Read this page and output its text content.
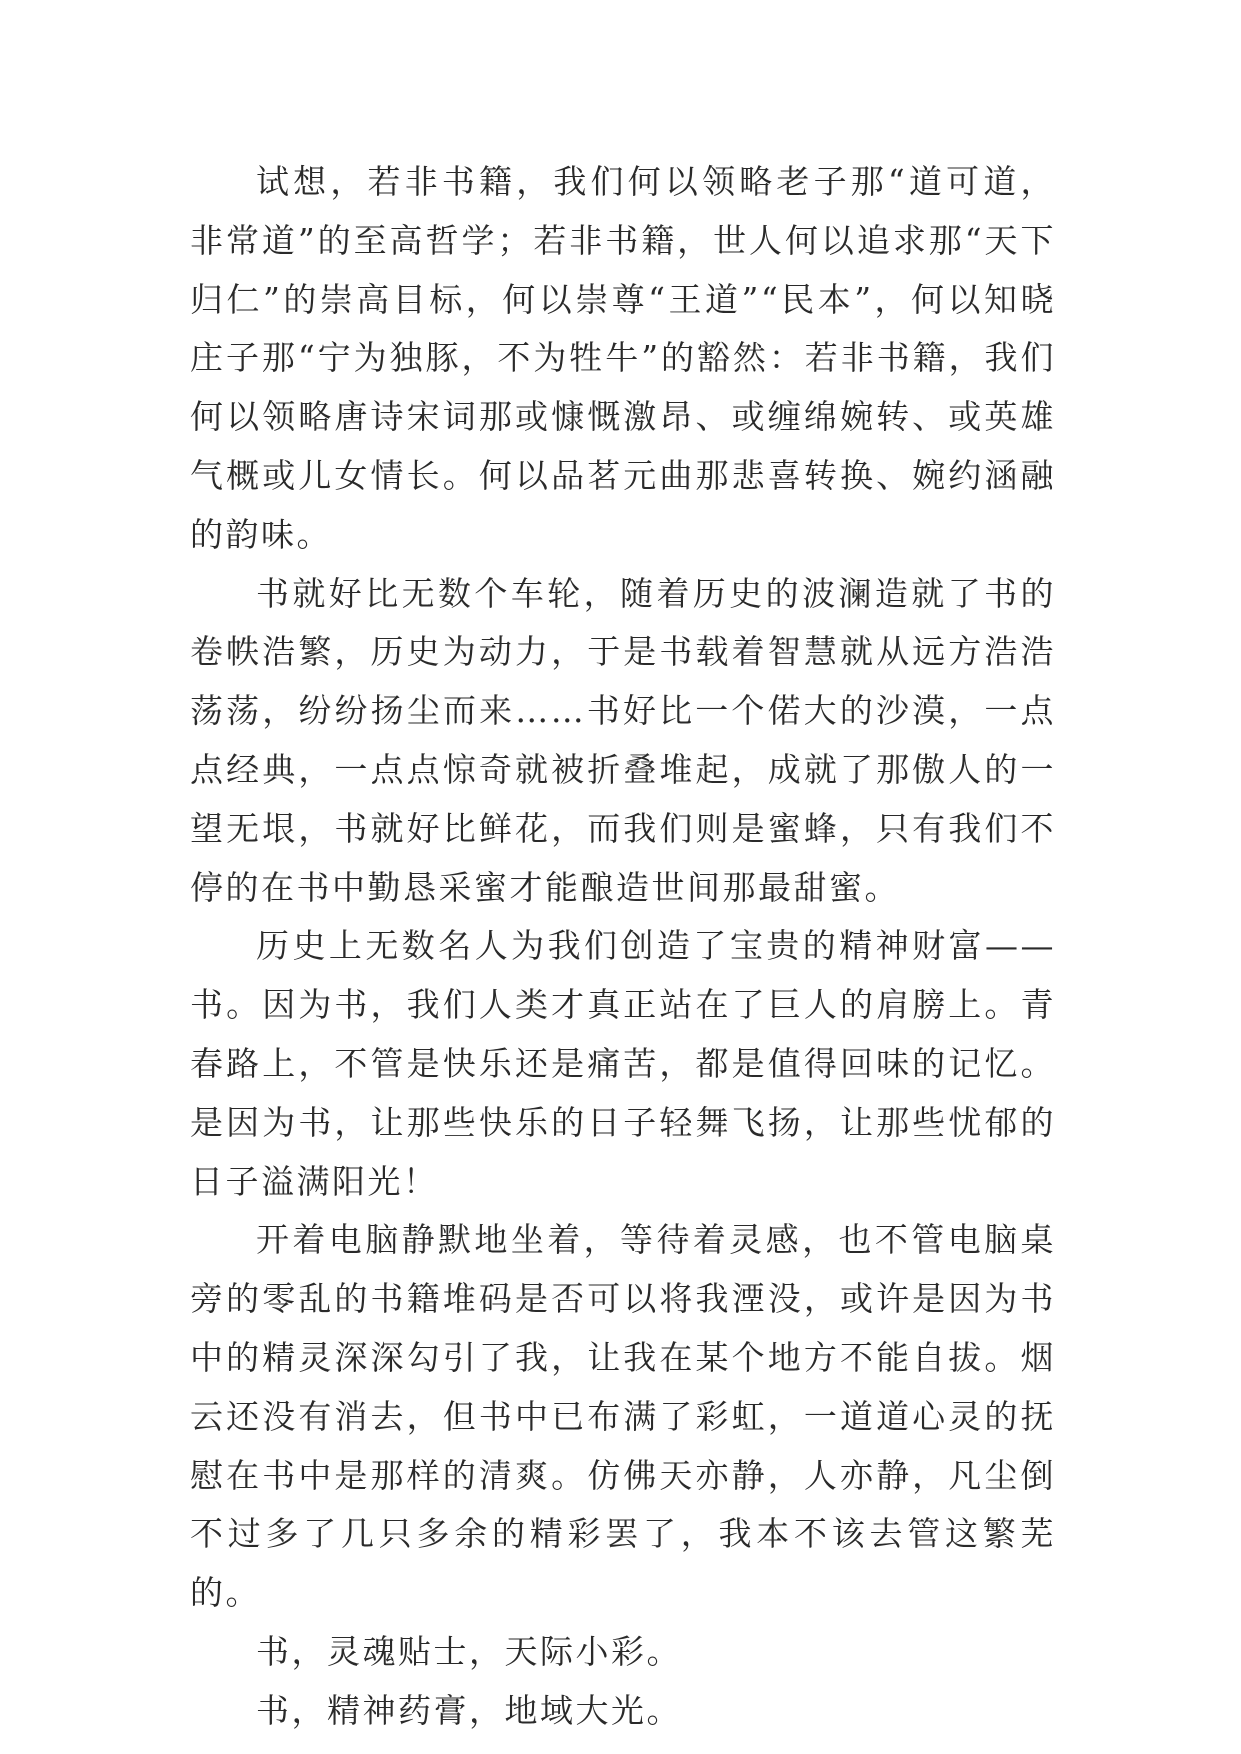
试想，若非书籍，我们何以领略老子那“道可道，非常道”的至高哲学；若非书籍，世人何以追求那“天下归仁”的崇高目标，何以崇尊“王道”“民本”，何以知晓庄子那“宁为独豚，不为牲牛”的豁然：若非书籍，我们何以领略唐诗宋词那或慷慨激昂、或缠绵婉转、或英雄气概或儿女情长。何以品茗元曲那悲喜转换、婉约涵融的韵味。

书就好比无数个车轮，随着历史的波澜造就了书的卷帙浩繁，历史为动力，于是书载着智慧就从远方浩浩荡荡，纷纷扬尘而来……书好比一个偌大的沙漠，一点点经典，一点点惊奇就被折叠堆起，成就了那傲人的一望无垠，书就好比鲜花，而我们则是蜜蜂，只有我们不停的在书中勤恳采蜜才能酿造世间那最甜蜜。

历史上无数名人为我们创造了宝贵的精神财富——书。因为书，我们人类才真正站在了巨人的肩膀上。青春路上，不管是快乐还是痛苦，都是值得回味的记忆。是因为书，让那些快乐的日子轻舞飞扬，让那些忧郁的日子溢满阳光！

开着电脑静默地坐着，等待着灵感，也不管电脑桌旁的零乱的书籍堆码是否可以将我湮没，或许是因为书中的精灵深深勾引了我，让我在某个地方不能自拔。烟云还没有消去，但书中已布满了彩虹，一道道心灵的抚慰在书中是那样的清爽。仿佛天亦静，人亦静，凡尘倒不过多了几只多余的精彩罢了，我本不该去管这繁芜的。

书，灵魂贴士，天际小彩。

书，精神药膏，地域大光。
